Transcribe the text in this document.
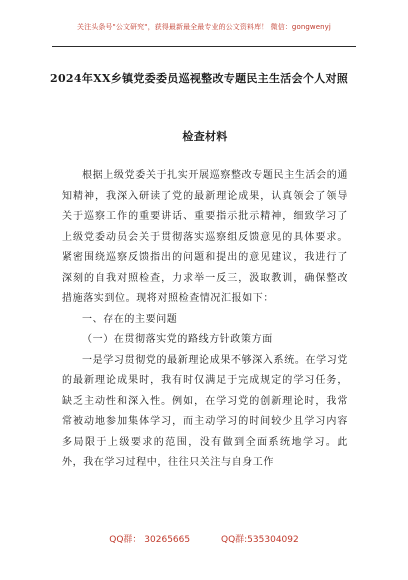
关注头条号"公文研究"，获得最新最全最专业的公文资料库！ 微信：gongwenyj
2024年XX乡镇党委委员巡视整改专题民主生活会个人对照
检查材料

根据上级党委关于扎实开展巡察整改专题民主生活会的通知精神，我深入研读了党的最新理论成果，认真领会了领导关于巡察工作的重要讲话、重要指示批示精神，细致学习了上级党委动员会关于贯彻落实巡察组反馈意见的具体要求。紧密围绕巡察反馈指出的问题和提出的意见建议，我进行了深刻的自我对照检查，力求举一反三，汲取教训，确保整改措施落实到位。现将对照检查情况汇报如下：

一、存在的主要问题

（一）在贯彻落实党的路线方针政策方面

一是学习贯彻党的最新理论成果不够深入系统。在学习党的最新理论成果时，我有时仅满足于完成规定的学习任务，缺乏主动性和深入性。例如，在学习党的创新理论时，我常常被动地参加集体学习，而主动学习的时间较少且学习内容多局限于上级要求的范围，没有做到全面系统地学习。此外，我在学习过程中，往往只关注与自身工作

QQ群： 30265665	QQ群:535304092
